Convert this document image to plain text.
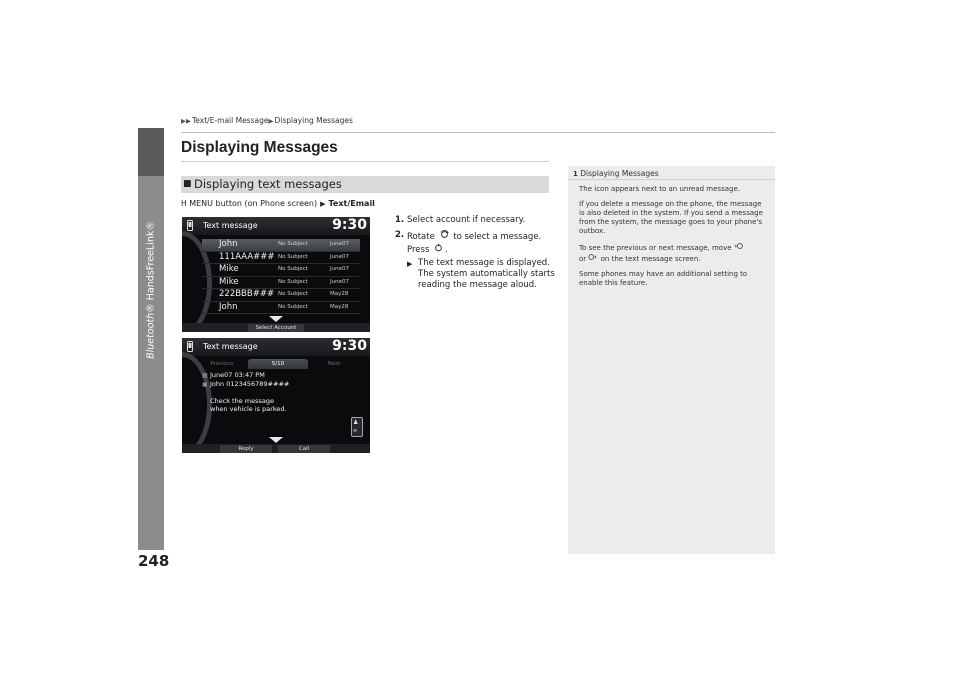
Bluetooth® HandsFreeLink®
248
▶▶Text/E-mail Message▶Displaying Messages
Displaying Messages
■ Displaying text messages
H MENU button (on Phone screen) ▶ Text/Email
1. Select account if necessary.
2. Rotate to select a message.
Press .
▶ The text message is displayed. The system automatically starts reading the message aloud.
Text message	9:30
John	No Subject	June07
111AAA### No Subject	June07
Mike	No Subject	June07
Mike	No Subject	June07
222BBB### No Subject	May28
John	No Subject	May28
Select Account
Text message	9:30
Previous	5/10	Next
▦ June07 03:47 PM
▣ John 0123456789####
Check the message
when vehicle is parked.
♟
≋
Reply	Call
1 Displaying Messages

The icon appears next to an unread message.

If you delete a message on the phone, the message is also deleted in the system. If you send a message from the system, the message goes to your phone's outbox.

To see the previous or next message, move
or on the text message screen.

Some phones may have an additional setting to enable this feature.
